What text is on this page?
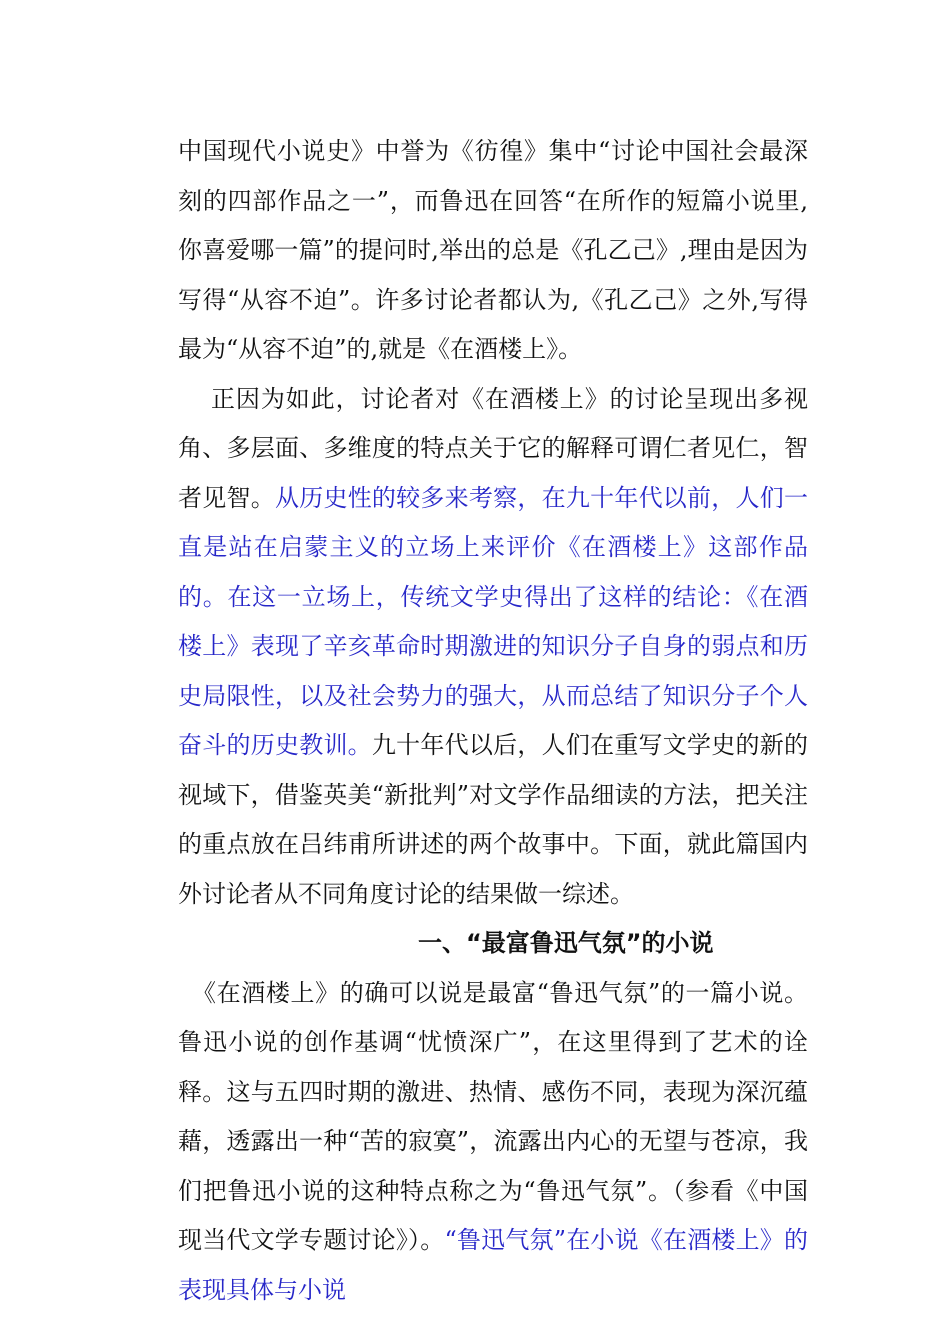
中国现代小说史》中誉为《彷徨》集中“讨论中国社会最深刻的四部作品之一”，而鲁迅在回答“在所作的短篇小说里,你喜爱哪一篇”的提问时,举出的总是《孔乙己》,理由是因为写得“从容不迫”。许多讨论者都认为,《孔乙己》之外,写得最为“从容不迫”的,就是《在酒楼上》。

正因为如此，讨论者对《在酒楼上》的讨论呈现出多视角、多层面、多维度的特点关于它的解释可谓仁者见仁，智者见智。从历史性的较多来考察，在九十年代以前，人们一直是站在启蒙主义的立场上来评价《在酒楼上》这部作品的。在这一立场上，传统文学史得出了这样的结论：《在酒楼上》表现了辛亥革命时期激进的知识分子自身的弱点和历史局限性，以及社会势力的强大，从而总结了知识分子个人奋斗的历史教训。九十年代以后，人们在重写文学史的新的视域下，借鉴英美“新批判”对文学作品细读的方法，把关注的重点放在吕纬甫所讲述的两个故事中。下面，就此篇国内外讨论者从不同角度讨论的结果做一综述。

一、“最富鲁迅气氛”的小说

《在酒楼上》的确可以说是最富“鲁迅气氛”的一篇小说。鲁迅小说的创作基调“忧愤深广”，在这里得到了艺术的诠释。这与五四时期的激进、热情、感伤不同，表现为深沉蕴藉，透露出一种“苦的寂寞”，流露出内心的无望与苍凉，我们把鲁迅小说的这种特点称之为“鲁迅气氛”。（参看《中国现当代文学专题讨论》）。“鲁迅气氛”在小说《在酒楼上》的表现具体与小说
